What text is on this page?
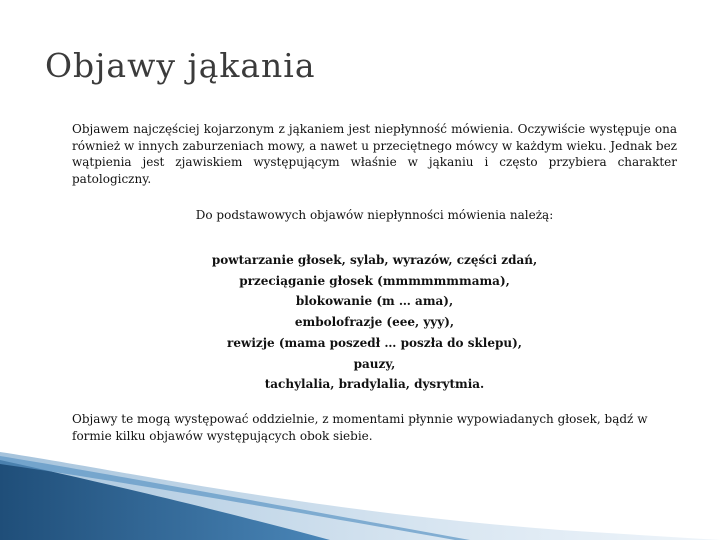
Objawy jąkania

Objawem najczęściej kojarzonym z jąkaniem jest niepłynność mówienia. Oczywiście występuje ona również w innych zaburzeniach mowy, a nawet u przeciętnego mówcy w każdym wieku. Jednak bez wątpienia jest zjawiskiem występującym właśnie w jąkaniu i często przybiera charakter patologiczny.

Do podstawowych objawów niepłynności mówienia należą:

powtarzanie głosek, sylab, wyrazów, części zdań,
przeciąganie głosek (mmmmmmmama),
blokowanie (m … ama),
embolofrazje (eee, yyy),
rewizje (mama poszedł … poszła do sklepu),
pauzy,
tachylalia, bradylalia, dysrytmia.

Objawy te mogą występować oddzielnie, z momentami płynnie wypowiadanych głosek, bądź w formie kilku objawów występujących obok siebie.
